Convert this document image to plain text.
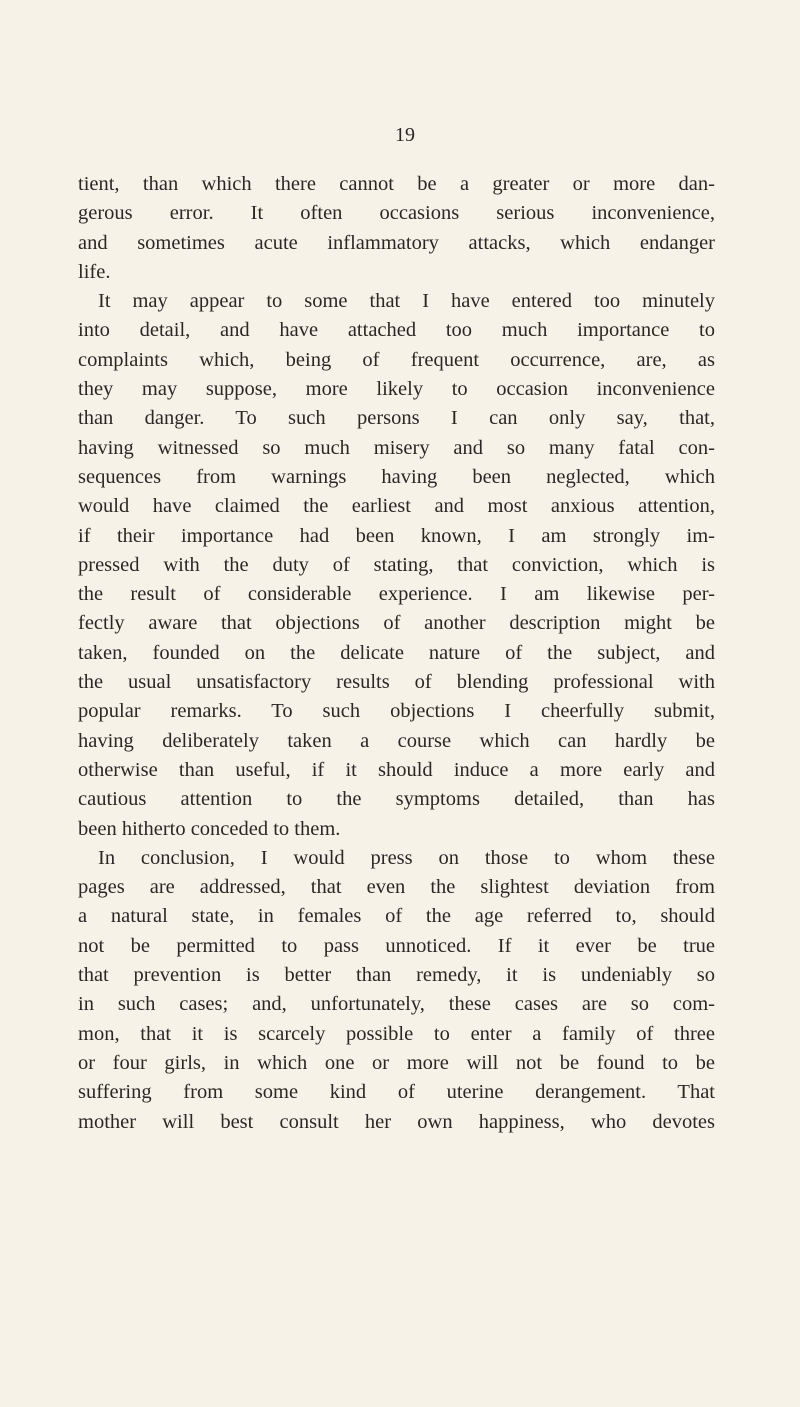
19
tient, than which there cannot be a greater or more dan-
gerous error. It often occasions serious inconvenience,
and sometimes acute inflammatory attacks, which endanger
life.
It may appear to some that I have entered too minutely
into detail, and have attached too much importance to
complaints which, being of frequent occurrence, are, as
they may suppose, more likely to occasion inconvenience
than danger. To such persons I can only say, that,
having witnessed so much misery and so many fatal con-
sequences from warnings having been neglected, which
would have claimed the earliest and most anxious attention,
if their importance had been known, I am strongly im-
pressed with the duty of stating, that conviction, which is
the result of considerable experience. I am likewise per-
fectly aware that objections of another description might be
taken, founded on the delicate nature of the subject, and
the usual unsatisfactory results of blending professional with
popular remarks. To such objections I cheerfully submit,
having deliberately taken a course which can hardly be
otherwise than useful, if it should induce a more early and
cautious attention to the symptoms detailed, than has
been hitherto conceded to them.
In conclusion, I would press on those to whom these
pages are addressed, that even the slightest deviation from
a natural state, in females of the age referred to, should
not be permitted to pass unnoticed. If it ever be true
that prevention is better than remedy, it is undeniably so
in such cases; and, unfortunately, these cases are so com-
mon, that it is scarcely possible to enter a family of three
or four girls, in which one or more will not be found to be
suffering from some kind of uterine derangement. That
mother will best consult her own happiness, who devotes
